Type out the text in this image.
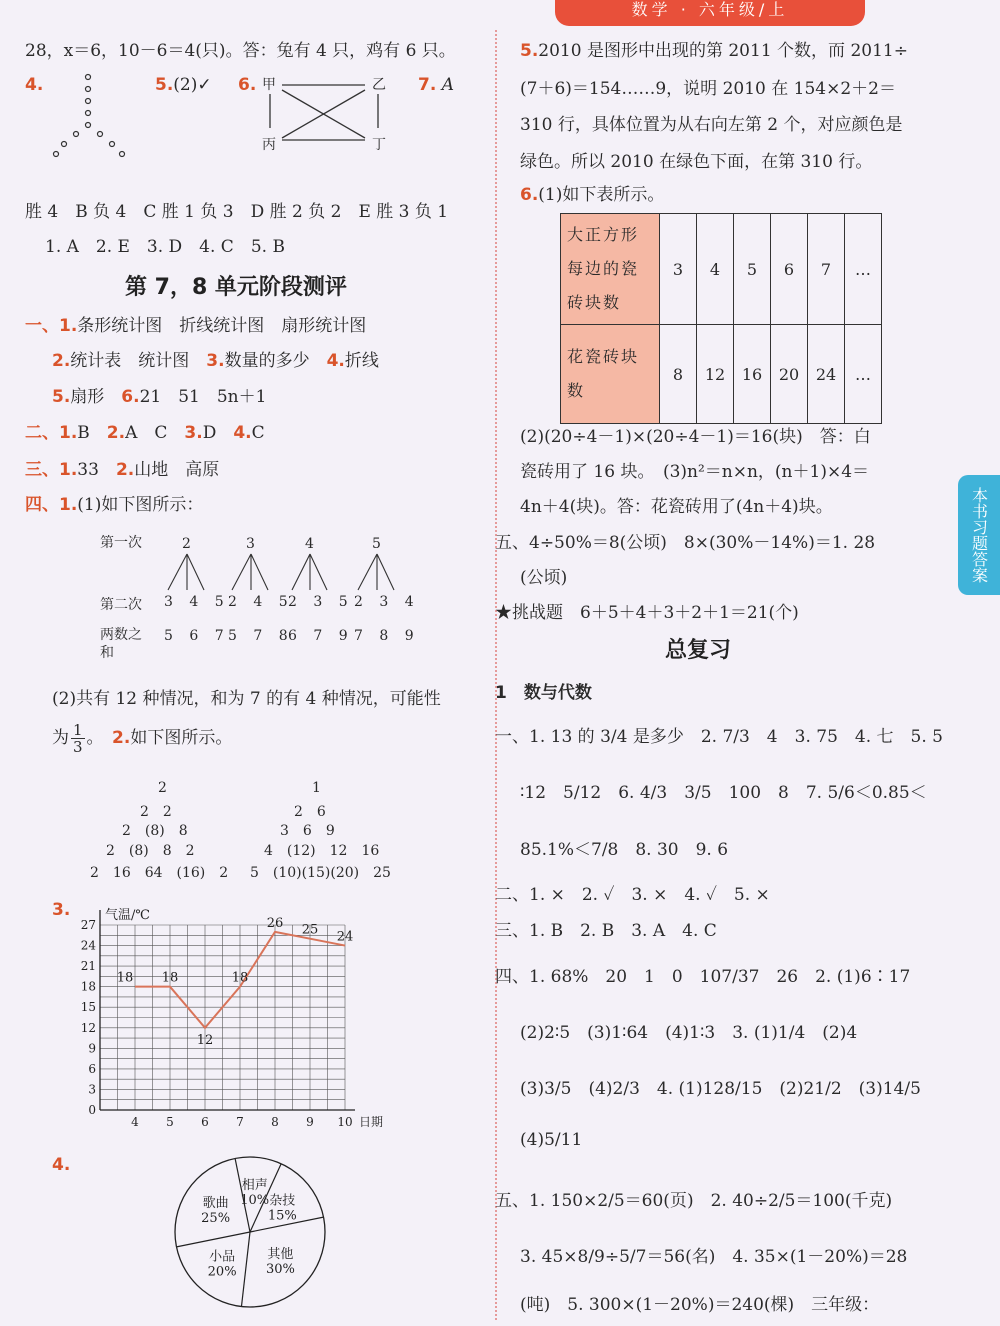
数学 · 六年级/上
本书习题答案
28，x＝6，10－6＝4(只)。答：兔有 4 只，鸡有 6 只。
4.	5.(2)✓ 6. 甲	乙
丙	丁
7. A
胜 4　B 负 4　C 胜 1 负 3　D 胜 2 负 2　E 胜 3 负 1
1. A　2. E　3. D　4. C　5. B
第 7，8 单元阶段测评
一、1.条形统计图　折线统计图　扇形统计图
2.统计表　统计图　 3.数量的多少　 4.折线
5.扇形　 6.21　51　5n＋1
二、1.B　 2.A　C　 3.D　 4.C
三、1.33　 2.山地　高原
四、1.(1)如下图所示：
第一次
第二次
两数之和
2	3	4	5
3 4 5
2 4 5
2 3 5 2 3 4
5 6 7
5 7 8
6 7 9 7 8 9
(2)共有 12 种情况，和为 7 的有 4 种情况，可能性
为 $\frac{1}{3}$ 。　 2.如下图所示。
2
2　2
2　(8)　8
2　(8)　8　2
2　16　64　(16)　2
1
2　6
3　6　9
4　(12)　12　16
5　(10)(15)(20)　25
3.	气温/℃
0
3
6
9
12
15
18
21
24
27
4 5 6 7 8 9 10 日期
18 18
12
18
26 25 24
4.
相声
10% 杂技
15%
其他
30%
小品
20%
歌曲
25%
5.2010 是图形中出现的第 2011 个数，而 2011÷
(7＋6)＝154……9，说明 2010 在 154×2＋2＝
310 行，具体位置为从右向左第 2 个，对应颜色是
绿色。所以 2010 在绿色下面，在第 310 行。
6.(1)如下表所示。
大正方形每边的瓷砖块数	3	4	5	6	7	…
花瓷砖块数	8	12	16	20	24	…
(2)(20÷4－1)×(20÷4－1)＝16(块)　答：白
瓷砖用了 16 块。　(3)n²＝n×n，(n＋1)×4＝
4n＋4(块)。答：花瓷砖用了(4n＋4)块。
五、4÷50%＝8(公顷)　8×(30%－14%)＝1. 28
(公顷)
★挑战题　6＋5＋4＋3＋2＋1＝21(个)
总复习
1　数与代数
一、1. 13 的 3/4 是多少　2. 7/3　4　3. 75　4. 七　5. 5
∶12　5/12　6. 4/3　3/5　100　8　7. 5/6＜0.85＜
85.1%＜7/8　8. 30　9. 6
二、1. ×　2. ✓　3. ×　4. ✓　5. ×
三、1. B　2. B　3. A　4. C
四、1. 68%　20　1　0　107/37　26　2. (1)6∶17
(2)2∶5　(3)1∶64　(4)1∶3　3. (1)1/4　(2)4
(3)3/5　(4)2/3　4. (1)128/15　(2)21/2　(3)14/5
(4)5/11
五、1. 150×2/5＝60(页)　2. 40÷2/5＝100(千克)
3. 45×8/9÷5/7＝56(名)　4. 35×(1－20%)＝28
(吨)　5. 300×(1－20%)＝240(棵)　三年级：
